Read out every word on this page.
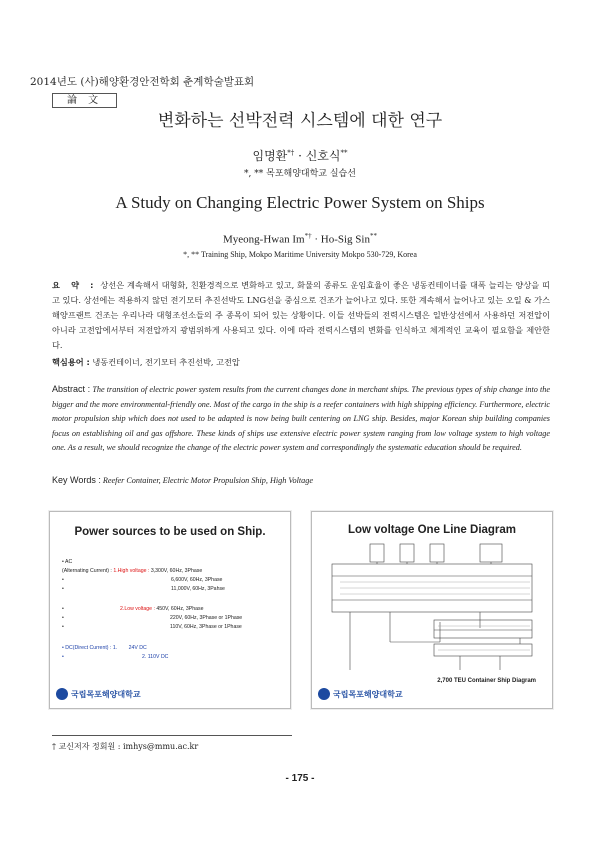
2014년도 (사)해양환경안전학회 춘계학술발표회
論 文
변화하는 선박전력 시스템에 대한 연구
임명환*† · 신호식**
*, ** 목포해양대학교 실습선
A Study on Changing Electric Power System on Ships
Myeong-Hwan Im*† · Ho-Sig Sin**
*, ** Training Ship, Mokpo Maritime University Mokpo 530-729, Korea
요 약 : 상선은 계속해서 대형화, 친환경적으로 변화하고 있고, 화물의 종류도 운임효율이 좋은 냉동컨테이너를 대폭 늘리는 양상을 띠고 있다. 상선에는 적용하지 않던 전기모터 추진선박도 LNG선을 중심으로 건조가 늘어나고 있다. 또한 계속해서 늘어나고 있는 오일 & 가스 해양프랜트 건조는 우리나라 대형조선소들의 주 종목이 되어 있는 상황이다. 이들 선박들의 전력시스템은 일반상선에서 사용하던 저전압이 아니라 고전압에서부터 저전압까지 광범위하게 사용되고 있다. 이에 따라 전력시스템의 변화를 인식하고 체계적인 교육이 필요함을 제안한다.
핵심용어 : 냉동컨테이너, 전기모터 추진선박, 고전압
Abstract : The transition of electric power system results from the current changes done in merchant ships. The previous types of ship change into the bigger and the more environmental-friendly one. Most of the cargo in the ship is a reefer containers with high shipping efficiency. Furthermore, electric motor propulsion ship which does not used to be adapted is now being built centering on LNG ship. Besides, major Korean ship building companies focus on establishing oil and gas offshore. These kinds of ships use extensive electric power system ranging from low voltage system to high voltage one. As a result, we should recognize the change of the electric power system and correspondingly the systematic education should be required.
Key Words : Reefer Container, Electric Motor Propulsion Ship, High Voltage
Power sources to be used on Ship.
• AC
(Alternating Current) : 1.High voltage : 3,300V, 60Hz, 3Phase
•	6,600V, 60Hz, 3Phase
•	11,000V, 60Hz, 3Pahse
•	2.Low voltage : 450V, 60Hz, 3Phase
•	220V, 60Hz, 3Phase or 1Phase
•	110V, 60Hz, 3Phase or 1Phase
• DC(Direct Current) : 1. 24V DC
•	2. 110V DC
국립목포해양대학교
Low voltage One Line Diagram
2,700 TEU Container Ship Diagram
국립목포해양대학교
† 교신저자 정회원 : imhys@mmu.ac.kr
- 175 -
